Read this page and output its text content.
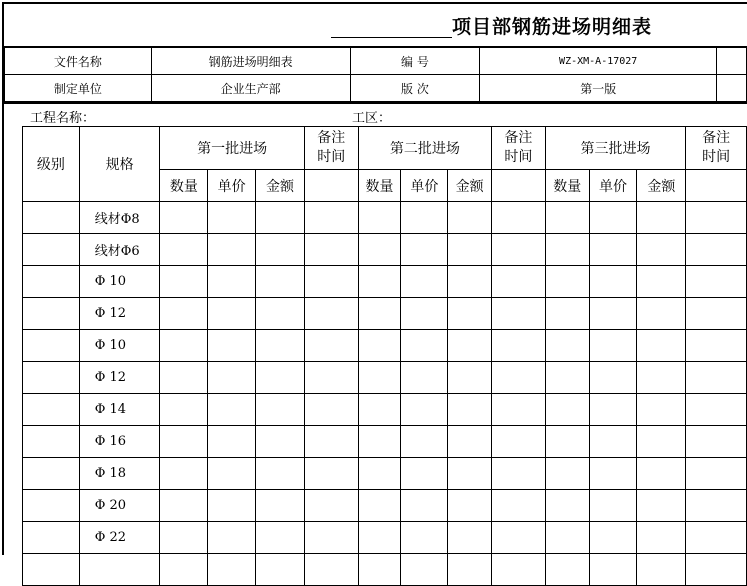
项目部钢筋进场明细表
文件名称	钢筋进场明细表	编 号	WZ-XM-A-17027	
制定单位	企业生产部	版 次	第一版	
工程名称：	工区：
级别	规格	第一批进场			备注时间	第二批进场			备注时间	第三批进场			备注时间

		数量	单价	金额		数量	单价	金额		数量	单价	金额	
	线材Φ8												
	线材Φ6												
	Φ 10												
	Φ 12												
	Φ 10												
	Φ 12												
	Φ 14												
	Φ 16												
	Φ 18												
	Φ 20												
	Φ 22												
